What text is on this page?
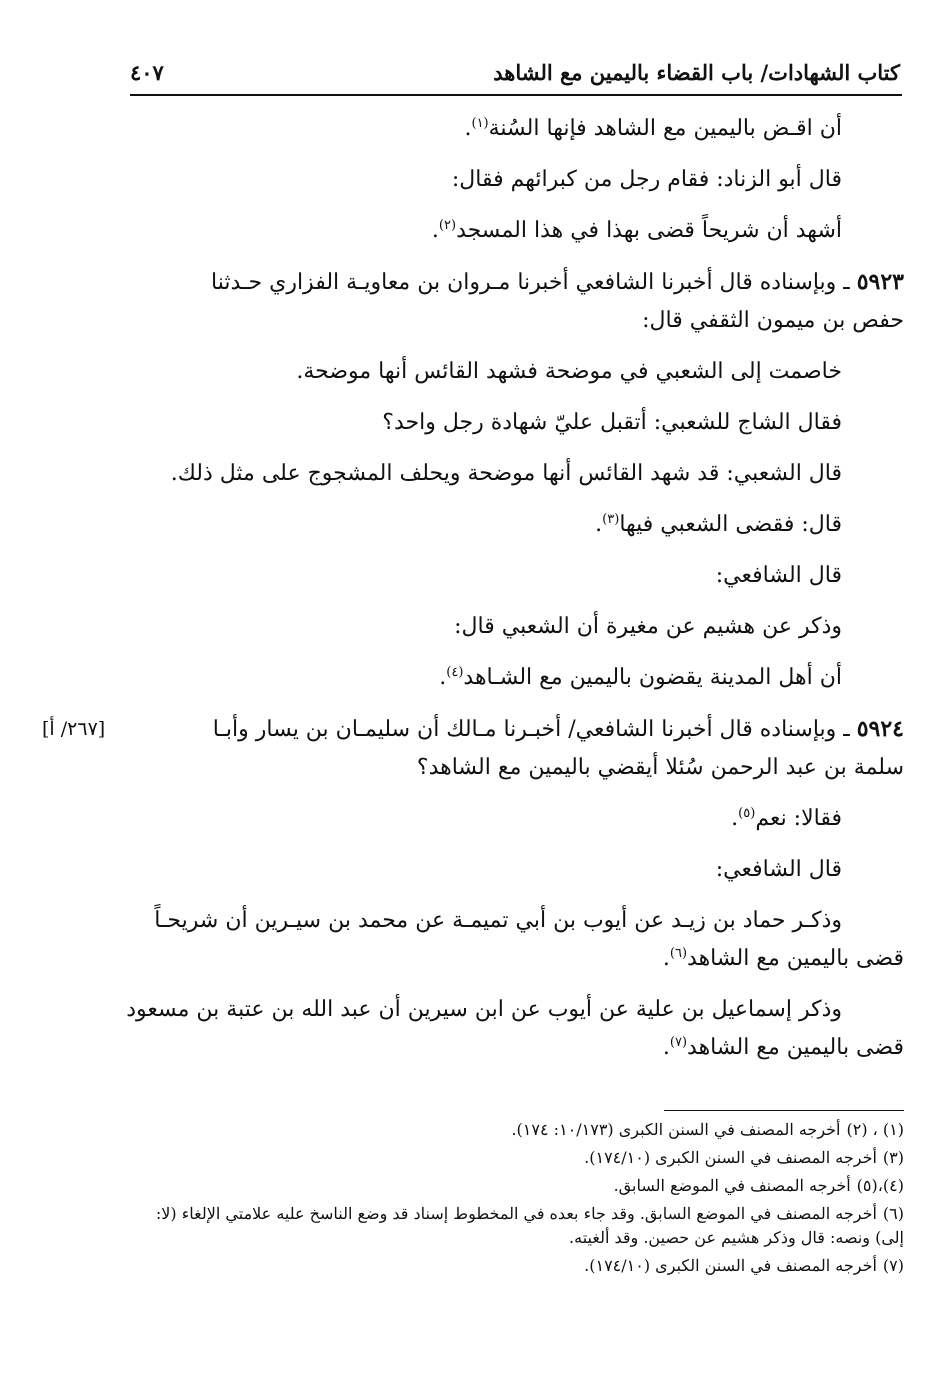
كتاب الشهادات/ باب القضاء باليمين مع الشاهد
٤٠٧

أن اقـض باليمين مع الشاهد فإنها السُنة$^{(١)}$.

قال أبو الزناد: فقام رجل من كبرائهم فقال:

أشهد أن شريحاً قضى بهذا في هذا المسجد$^{(٢)}$.

٥٩٢٣ ـ وبإسناده قال أخبرنا الشافعي أخبرنا مـروان بن معاويـة الفزاري حـدثنا
حفص بن ميمون الثقفي قال:

خاصمت إلى الشعبي في موضحة فشهد القائس أنها موضحة.

فقال الشاج للشعبي: أتقبل عليّ شهادة رجل واحد؟

قال الشعبي: قد شهد القائس أنها موضحة ويحلف المشجوج على مثل ذلك.

قال: فقضى الشعبي فيها$^{(٣)}$.

قال الشافعي:

وذكر عن هشيم عن مغيرة أن الشعبي قال:

أن أهل المدينة يقضون باليمين مع الشـاهد$^{(٤)}$.

[٢٦٧/ أ]	٥٩٢٤ ـ وبإسناده قال أخبرنا الشافعي/ أخبـرنا مـالك أن سليمـان بن يسار وأبـا
سلمة بن عبد الرحمن سُئلا أيقضي باليمين مع الشاهد؟

فقالا: نعم$^{(٥)}$.

قال الشافعي:

وذكـر حماد بن زيـد عن أيوب بن أبي تميمـة عن محمد بن سيـرين أن شريحـاً
قضى باليمين مع الشاهد$^{(٦)}$.

وذكر إسماعيل بن علية عن أيوب عن ابن سيرين أن عبد الله بن عتبة بن مسعود
قضى باليمين مع الشاهد$^{(٧)}$.

(١) ، (٢)أخرجه المصنف في السنن الكبرى (١٠/١٧٣: ١٧٤).

(٣)أخرجه المصنف في السنن الكبرى (١٧٤/١٠).

(٤)،(٥)أخرجه المصنف في الموضع السابق.

(٦)أخرجه المصنف في الموضع السابق. وقد جاء بعده في المخطوط إسناد قد وضع الناسخ عليه علامتي الإلغاء (لا: إلى) ونصه: قال وذكر هشيم عن حصين. وقد ألغيته.

(٧)أخرجه المصنف في السنن الكبرى (١٧٤/١٠).
